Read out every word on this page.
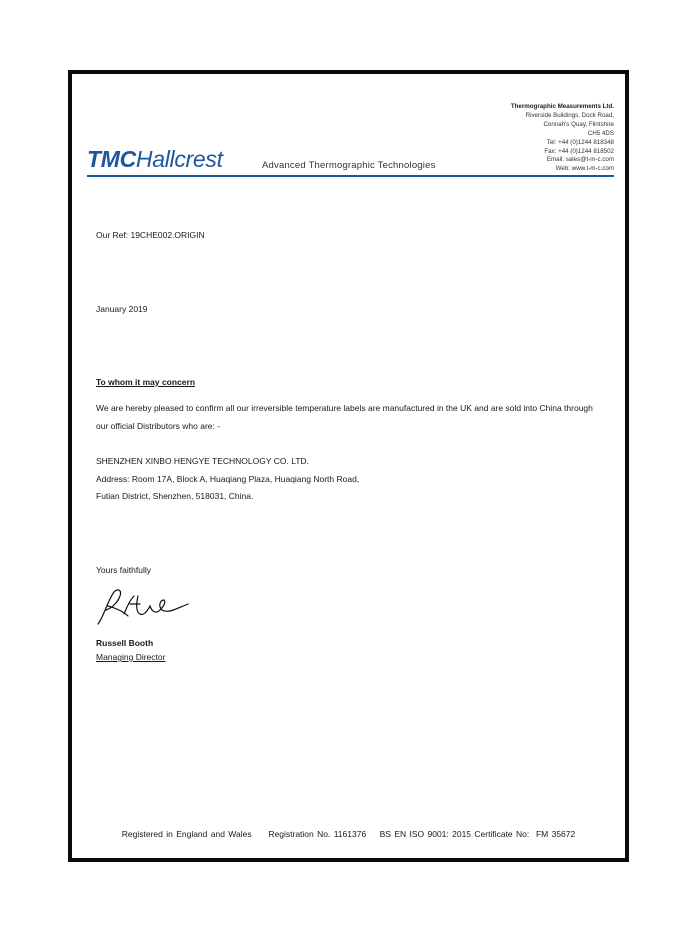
Thermographic Measurements Ltd.
Riverside Buildings, Dock Road,
Connah's Quay, Flintshire
CH5 4DS
Tel: +44 (0)1244 818348
Fax: +44 (0)1244 818502
Email: sales@t-m-c.com
Web: www.t-m-c.com
TMCHallcrest	Advanced Thermographic Technologies
Our Ref: 19CHE002.ORIGIN
January 2019
To whom it may concern
We are hereby pleased to confirm all our irreversible temperature labels are manufactured in the UK and are sold into China through our official Distributors who are: -
SHENZHEN XINBO HENGYE TECHNOLOGY CO. LTD.
Address: Room 17A, Block A, Huaqiang Plaza, Huaqiang North Road,
Futian District, Shenzhen, 518031, China.
Yours faithfully
Russell Booth
Managing Director
Registered in England and Wales     Registration No. 1161376    BS EN ISO 9001: 2015 Certificate No:  FM 35672
